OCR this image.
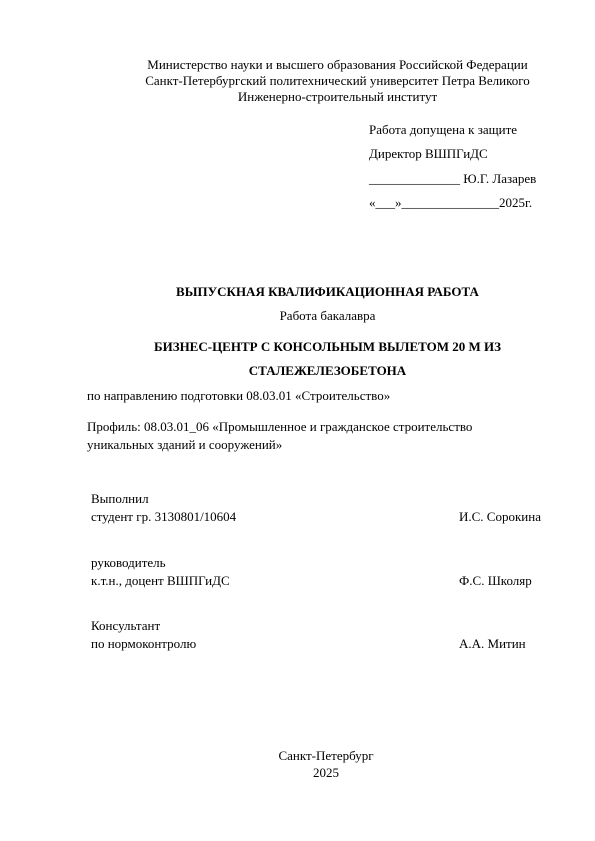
Министерство науки и высшего образования Российской Федерации
Санкт-Петербургский политехнический университет Петра Великого
Инженерно-строительный институт
Работа допущена к защите
Директор ВШПГиДС
______________ Ю.Г. Лазарев
«___»_______________2025г.
ВЫПУСКНАЯ КВАЛИФИКАЦИОННАЯ РАБОТА
Работа бакалавра
БИЗНЕС-ЦЕНТР С КОНСОЛЬНЫМ ВЫЛЕТОМ 20 М ИЗ
СТАЛЕЖЕЛЕЗОБЕТОНА
по направлению подготовки 08.03.01 «Строительство»
Профиль: 08.03.01_06 «Промышленное и гражданское строительство
уникальных зданий и сооружений»
Выполнил
студент гр. 3130801/10604	И.С. Сорокина
руководитель
к.т.н., доцент ВШПГиДС	Ф.С. Школяр
Консультант
по нормоконтролю	А.А. Митин
Санкт-Петербург
2025
